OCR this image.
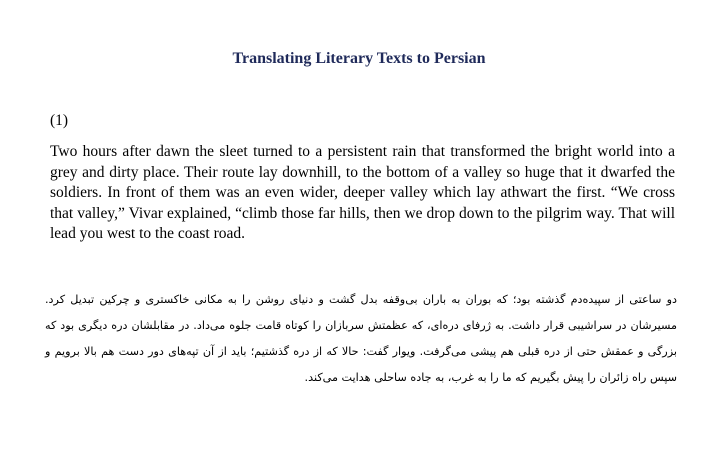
Translating Literary Texts to Persian
(1)

Two hours after dawn the sleet turned to a persistent rain that transformed the bright world into a grey and dirty place. Their route lay downhill, to the bottom of a valley so huge that it dwarfed the soldiers. In front of them was an even wider, deeper valley which lay athwart the first. “We cross that valley,” Vivar explained, “climb those far hills, then we drop down to the pilgrim way. That will lead you west to the coast road.

دو ساعتی از سپیده‌دم گذشته بود؛ که بوران به باران بی‌وقفه بدل گشت و دنیای روشن را به مکانی خاکستری و چرکین تبدیل کرد. مسیرشان در سراشیبی قرار داشت. به ژرفای دره‌ای، که عظمتش سربازان را کوتاه قامت جلوه می‌داد. در مقابلشان دره دیگری بود که بزرگی و عمقش حتی از دره قبلی هم پیشی می‌گرفت. ویوار گفت: حالا که از دره گذشتیم؛ باید از آن تپه‌های دور دست هم بالا برویم و سپس راه زائران را پیش بگیریم که ما را به غرب، به جاده ساحلی هدایت می‌کند.
